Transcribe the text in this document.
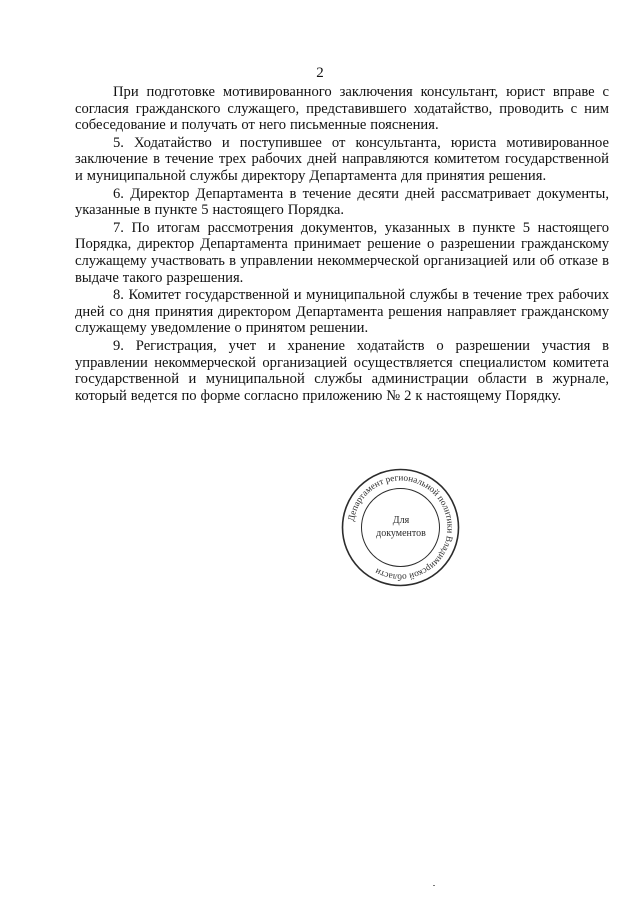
2

При подготовке мотивированного заключения консультант, юрист вправе с согласия гражданского служащего, представившего ходатайство, проводить с ним собеседование и получать от него письменные пояснения.

5. Ходатайство и поступившее от консультанта, юриста мотивированное заключение в течение трех рабочих дней направляются комитетом государственной и муниципальной службы директору Департамента для принятия решения.

6. Директор Департамента в течение десяти дней рассматривает документы, указанные в пункте 5 настоящего Порядка.

7. По итогам рассмотрения документов, указанных в пункте 5 настоящего Порядка, директор Департамента принимает решение о разрешении гражданскому служащему участвовать в управлении некоммерческой организацией или об отказе в выдаче такого разрешения.

8. Комитет государственной и муниципальной службы в течение трех рабочих дней со дня принятия директором Департамента решения направляет гражданскому служащему уведомление о принятом решении.

9. Регистрация, учет и хранение ходатайств о разрешении участия в управлении некоммерческой организацией осуществляется специалистом комитета государственной и муниципальной службы администрации области в журнале, который ведется по форме согласно приложению № 2 к настоящему Порядку.

Департамент региональной политики Владимирской области
Для
документов
